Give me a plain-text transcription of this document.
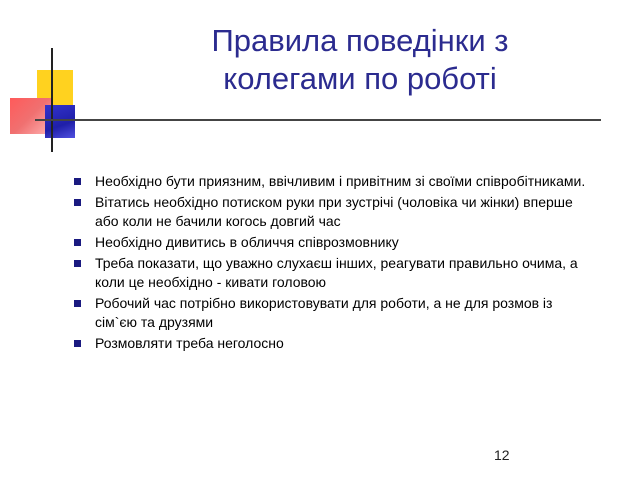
Правила поведінки з
колегами по роботі
Необхідно бути приязним, ввічливим і привітним зі своїми співробітниками.
Вітатись необхідно потиском руки при зустрічі (чоловіка чи жінки) вперше або коли не бачили когось довгий час
Необхідно дивитись в обличчя співрозмовнику
Треба показати, що уважно слухаєш інших, реагувати правильно очима, а коли це необхідно - кивати головою
Робочий час потрібно використовувати для роботи, а не для розмов із сім`єю та друзями
Розмовляти треба неголосно
12
